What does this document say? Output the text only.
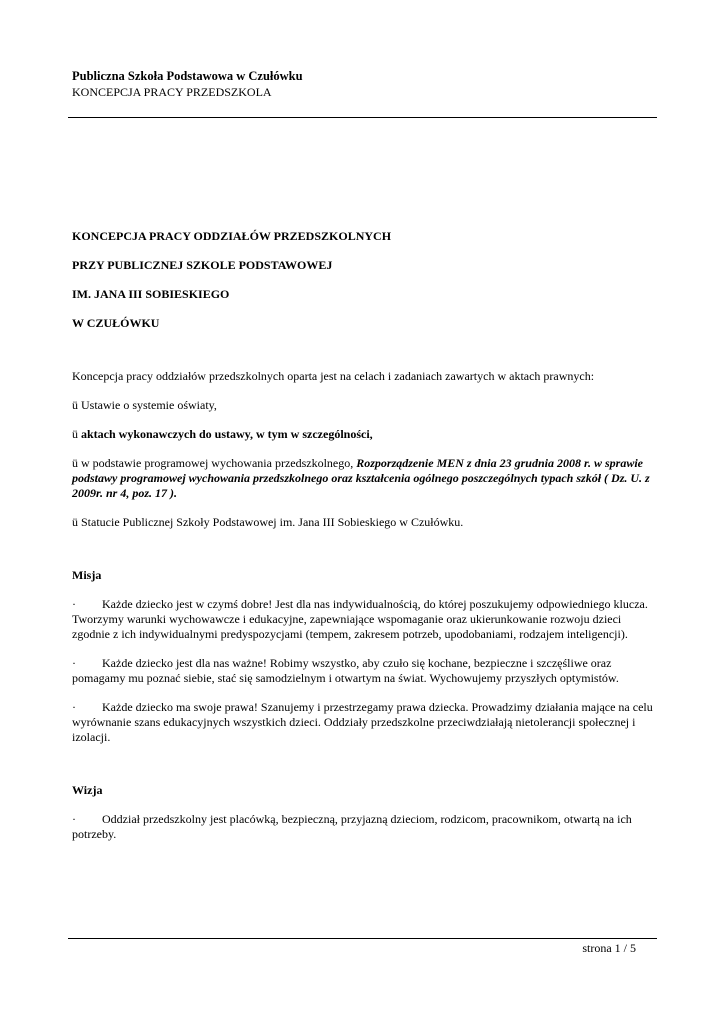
Publiczna Szkoła Podstawowa w Czułówku
KONCEPCJA PRACY PRZEDSZKOLA

KONCEPCJA PRACY ODDZIAŁÓW PRZEDSZKOLNYCH

PRZY PUBLICZNEJ SZKOLE PODSTAWOWEJ

IM. JANA III SOBIESKIEGO

W CZUŁÓWKU

Koncepcja pracy oddziałów przedszkolnych oparta jest na celach i zadaniach zawartych w aktach prawnych:

ü Ustawie o systemie oświaty,

ü aktach wykonawczych do ustawy, w tym w szczególności,

ü w podstawie programowej wychowania przedszkolnego, Rozporządzenie MEN z dnia 23 grudnia 2008 r. w sprawie podstawy programowej wychowania przedszkolnego oraz kształcenia ogólnego poszczególnych typach szkół ( Dz. U. z 2009r. nr 4, poz. 17 ).

ü Statucie Publicznej Szkoły Podstawowej im. Jana III Sobieskiego w Czułówku.

Misja

· Każde dziecko jest w czymś dobre! Jest dla nas indywidualnością, do której poszukujemy odpowiedniego klucza. Tworzymy warunki wychowawcze i edukacyjne, zapewniające wspomaganie oraz ukierunkowanie rozwoju dzieci zgodnie z ich indywidualnymi predyspozycjami (tempem, zakresem potrzeb, upodobaniami, rodzajem inteligencji).

· Każde dziecko jest dla nas ważne! Robimy wszystko, aby czuło się kochane, bezpieczne i szczęśliwe oraz pomagamy mu poznać siebie, stać się samodzielnym i otwartym na świat. Wychowujemy przyszłych optymistów.

· Każde dziecko ma swoje prawa! Szanujemy i przestrzegamy prawa dziecka. Prowadzimy działania mające na celu wyrównanie szans edukacyjnych wszystkich dzieci. Oddziały przedszkolne przeciwdziałają nietolerancji społecznej i izolacji.

Wizja

· Oddział przedszkolny jest placówką, bezpieczną, przyjazną dzieciom, rodzicom, pracownikom, otwartą na ich potrzeby.

strona 1 / 5
